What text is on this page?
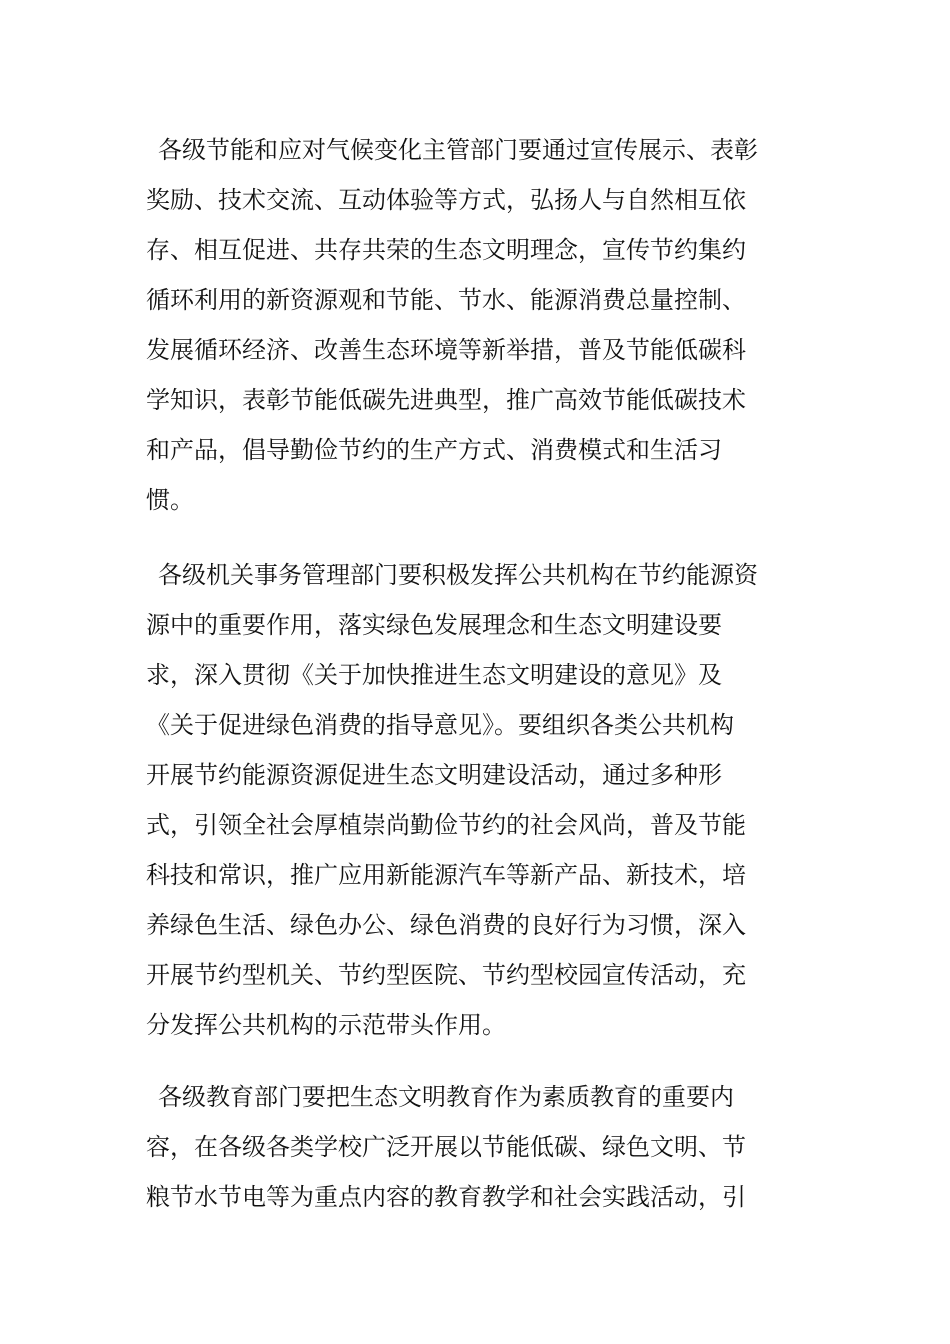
各级节能和应对气候变化主管部门要通过宣传展示、表彰
奖励、技术交流、互动体验等方式，弘扬人与自然相互依
存、相互促进、共存共荣的生态文明理念，宣传节约集约
循环利用的新资源观和节能、节水、能源消费总量控制、
发展循环经济、改善生态环境等新举措，普及节能低碳科
学知识，表彰节能低碳先进典型，推广高效节能低碳技术
和产品，倡导勤俭节约的生产方式、消费模式和生活习
惯。
各级机关事务管理部门要积极发挥公共机构在节约能源资
源中的重要作用，落实绿色发展理念和生态文明建设要
求，深入贯彻《关于加快推进生态文明建设的意见》及
《关于促进绿色消费的指导意见》。要组织各类公共机构
开展节约能源资源促进生态文明建设活动，通过多种形
式，引领全社会厚植崇尚勤俭节约的社会风尚，普及节能
科技和常识，推广应用新能源汽车等新产品、新技术，培
养绿色生活、绿色办公、绿色消费的良好行为习惯，深入
开展节约型机关、节约型医院、节约型校园宣传活动，充
分发挥公共机构的示范带头作用。
各级教育部门要把生态文明教育作为素质教育的重要内
容，在各级各类学校广泛开展以节能低碳、绿色文明、节
粮节水节电等为重点内容的教育教学和社会实践活动，引
